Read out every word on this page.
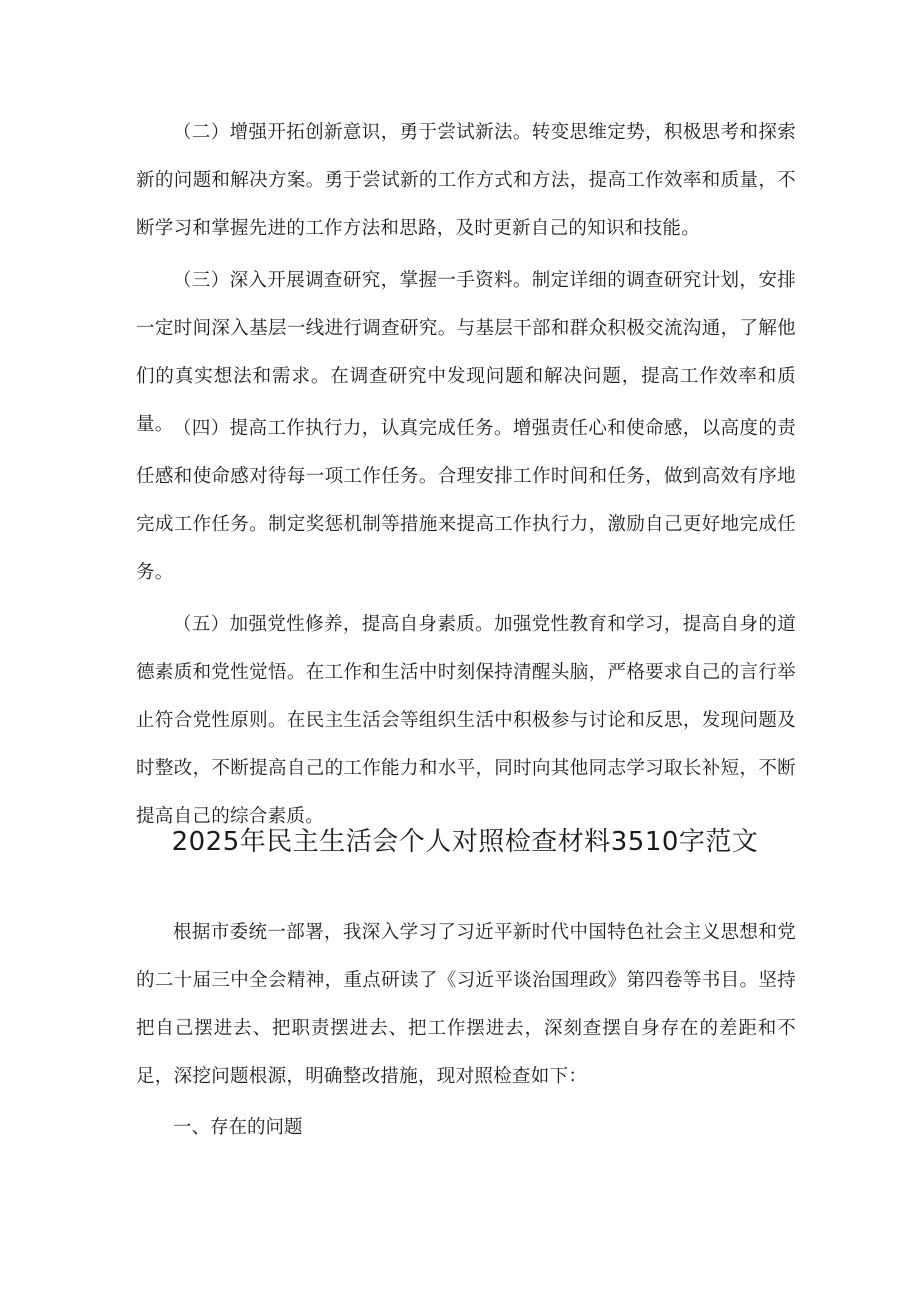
（二）增强开拓创新意识，勇于尝试新法。转变思维定势，积极思考和探索新的问题和解决方案。勇于尝试新的工作方式和方法，提高工作效率和质量，不断学习和掌握先进的工作方法和思路，及时更新自己的知识和技能。

（三）深入开展调查研究，掌握一手资料。制定详细的调查研究计划，安排一定时间深入基层一线进行调查研究。与基层干部和群众积极交流沟通，了解他们的真实想法和需求。在调查研究中发现问题和解决问题，提高工作效率和质量。 （四）提高工作执行力，认真完成任务。增强责任心和使命感，以高度的责任感和使命感对待每一项工作任务。合理安排工作时间和任务，做到高效有序地完成工作任务。制定奖惩机制等措施来提高工作执行力，激励自己更好地完成任务。

（五）加强党性修养，提高自身素质。加强党性教育和学习，提高自身的道德素质和党性觉悟。在工作和生活中时刻保持清醒头脑，严格要求自己的言行举止符合党性原则。在民主生活会等组织生活中积极参与讨论和反思，发现问题及时整改，不断提高自己的工作能力和水平，同时向其他同志学习取长补短，不断提高自己的综合素质。

2025年民主生活会个人对照检查材料3510字范文

根据市委统一部署，我深入学习了习近平新时代中国特色社会主义思想和党的二十届三中全会精神，重点研读了《习近平谈治国理政》第四卷等书目。坚持把自己摆进去、把职责摆进去、把工作摆进去，深刻查摆自身存在的差距和不足，深挖问题根源，明确整改措施，现对照检查如下：

一、存在的问题
